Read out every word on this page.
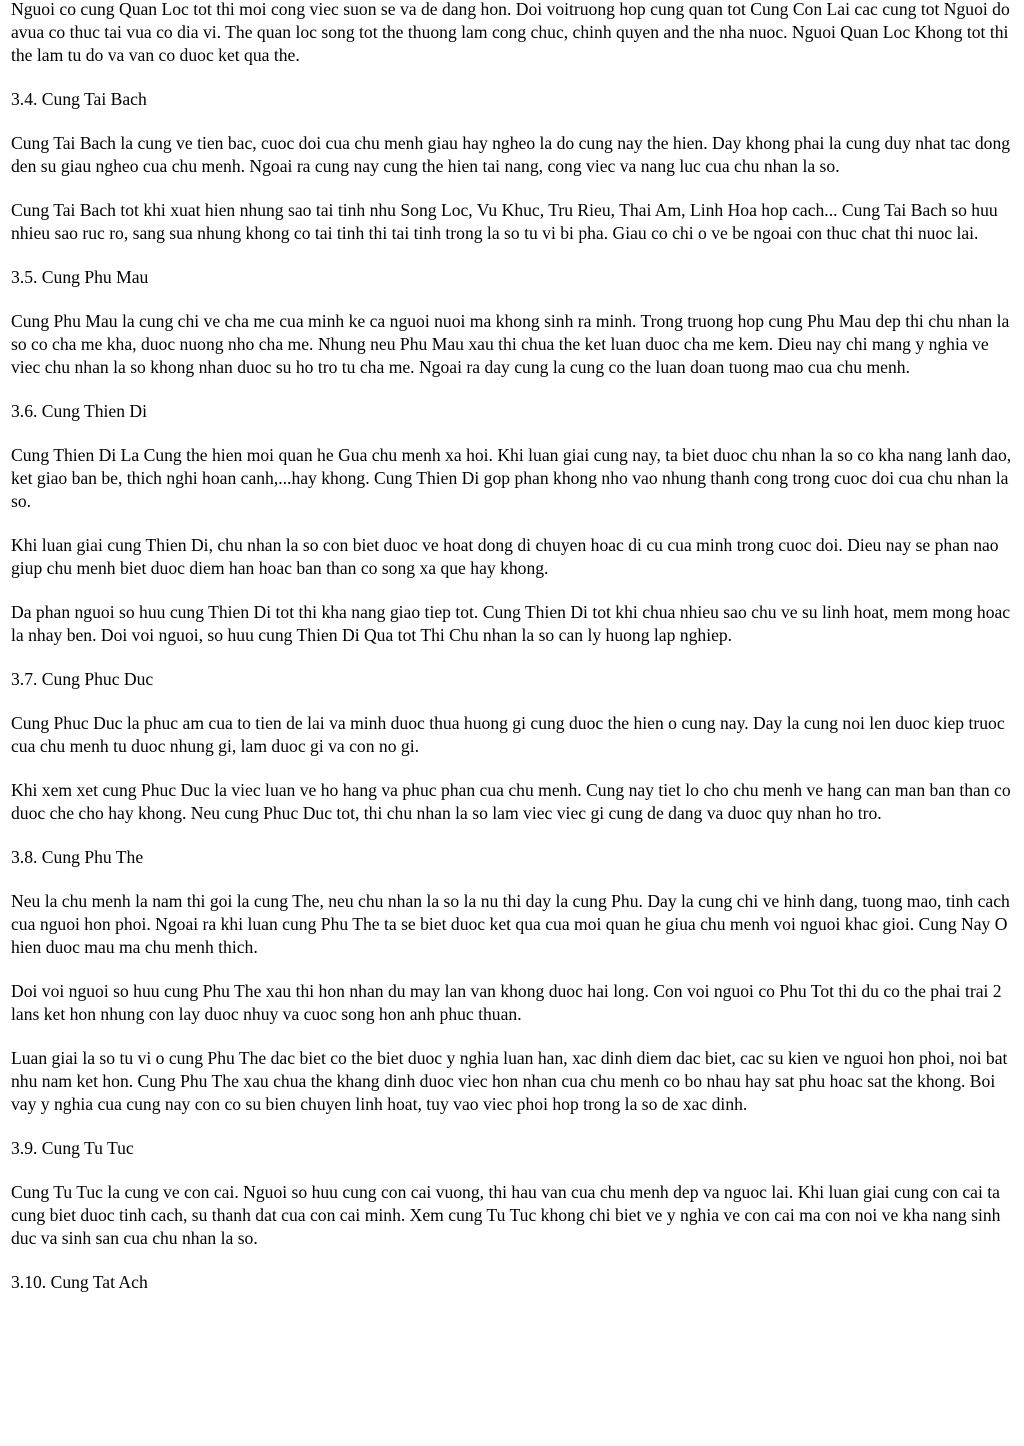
Nguoi co cung Quan Loc tot thi moi cong viec suon se va de dang hon. Doi voitruong hop cung quan tot Cung Con Lai cac cung tot Nguoi do avua co thuc tai vua co dia vi. The quan loc song tot the thuong lam cong chuc, chinh quyen and the nha nuoc. Nguoi Quan Loc Khong tot thi the lam tu do va van co duoc ket qua the.

3.4. Cung Tai Bach

Cung Tai Bach la cung ve tien bac, cuoc doi cua chu menh giau hay ngheo la do cung nay the hien. Day khong phai la cung duy nhat tac dong den su giau ngheo cua chu menh. Ngoai ra cung nay cung the hien tai nang, cong viec va nang luc cua chu nhan la so.

Cung Tai Bach tot khi xuat hien nhung sao tai tinh nhu Song Loc, Vu Khuc, Tru Rieu, Thai Am, Linh Hoa hop cach... Cung Tai Bach so huu nhieu sao ruc ro, sang sua nhung khong co tai tinh thi tai tinh trong la so tu vi bi pha. Giau co chi o ve be ngoai con thuc chat thi nuoc lai.

3.5. Cung Phu Mau

Cung Phu Mau la cung chi ve cha me cua minh ke ca nguoi nuoi ma khong sinh ra minh. Trong truong hop cung Phu Mau dep thi chu nhan la so co cha me kha, duoc nuong nho cha me. Nhung neu Phu Mau xau thi chua the ket luan duoc cha me kem. Dieu nay chi mang y nghia ve viec chu nhan la so khong nhan duoc su ho tro tu cha me. Ngoai ra day cung la cung co the luan doan tuong mao cua chu menh.

3.6. Cung Thien Di

Cung Thien Di La Cung the hien moi quan he Gua chu menh xa hoi. Khi luan giai cung nay, ta biet duoc chu nhan la so co kha nang lanh dao, ket giao ban be, thich nghi hoan canh,...hay khong. Cung Thien Di gop phan khong nho vao nhung thanh cong trong cuoc doi cua chu nhan la so.

Khi luan giai cung Thien Di, chu nhan la so con biet duoc ve hoat dong di chuyen hoac di cu cua minh trong cuoc doi. Dieu nay se phan nao giup chu menh biet duoc diem han hoac ban than co song xa que hay khong.

Da phan nguoi so huu cung Thien Di tot thi kha nang giao tiep tot. Cung Thien Di tot khi chua nhieu sao chu ve su linh hoat, mem mong hoac la nhay ben. Doi voi nguoi, so huu cung Thien Di Qua tot Thi Chu nhan la so can ly huong lap nghiep.

3.7. Cung Phuc Duc

Cung Phuc Duc la phuc am cua to tien de lai va minh duoc thua huong gi cung duoc the hien o cung nay. Day la cung noi len duoc kiep truoc cua chu menh tu duoc nhung gi, lam duoc gi va con no gi.

Khi xem xet cung Phuc Duc la viec luan ve ho hang va phuc phan cua chu menh. Cung nay tiet lo cho chu menh ve hang can man ban than co duoc che cho hay khong. Neu cung Phuc Duc tot, thi chu nhan la so lam viec viec gi cung de dang va duoc quy nhan ho tro.

3.8. Cung Phu The

Neu la chu menh la nam thi goi la cung The, neu chu nhan la so la nu thi day la cung Phu. Day la cung chi ve hinh dang, tuong mao, tinh cach cua nguoi hon phoi. Ngoai ra khi luan cung Phu The ta se biet duoc ket qua cua moi quan he giua chu menh voi nguoi khac gioi. Cung Nay O hien duoc mau ma chu menh thich.

Doi voi nguoi so huu cung Phu The xau thi hon nhan du may lan van khong duoc hai long. Con voi nguoi co Phu Tot thi du co the phai trai 2 lans ket hon nhung con lay duoc nhuy va cuoc song hon anh phuc thuan.

Luan giai la so tu vi o cung Phu The dac biet co the biet duoc y nghia luan han, xac dinh diem dac biet, cac su kien ve nguoi hon phoi, noi bat nhu nam ket hon. Cung Phu The xau chua the khang dinh duoc viec hon nhan cua chu menh co bo nhau hay sat phu hoac sat the khong. Boi vay y nghia cua cung nay con co su bien chuyen linh hoat, tuy vao viec phoi hop trong la so de xac dinh.

3.9. Cung Tu Tuc

Cung Tu Tuc la cung ve con cai. Nguoi so huu cung con cai vuong, thi hau van cua chu menh dep va nguoc lai. Khi luan giai cung con cai ta cung biet duoc tinh cach, su thanh dat cua con cai minh. Xem cung Tu Tuc khong chi biet ve y nghia ve con cai ma con noi ve kha nang sinh duc va sinh san cua chu nhan la so.

3.10. Cung Tat Ach
